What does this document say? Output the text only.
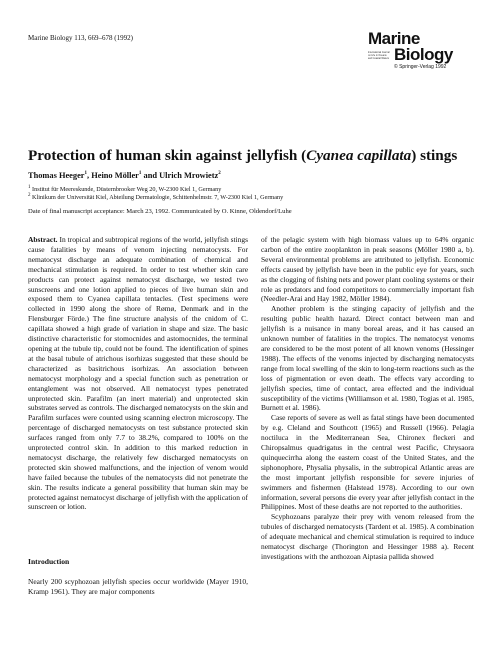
Marine Biology 113, 669–678 (1992)	Marine
International Journal on Life in Oceans and Coastal Waters Biology
© Springer-Verlag 1992
Protection of human skin against jellyfish (Cyanea capillata) stings
Thomas Heeger$^1$, Heino Möller$^1$ and Ulrich Mrowietz$^2$
$^1$ Institut für Meereskunde, Düsternbrooker Weg 20, W-2300 Kiel 1, Germany
$^2$ Klinikum der Universität Kiel, Abteilung Dermatologie, Schittenhelmstr. 7, W-2300 Kiel 1, Germany
Date of final manuscript acceptance: March 23, 1992. Communicated by O. Kinne, Oldendorf/Luhe

Abstract. In tropical and subtropical regions of the world, jellyfish stings cause fatalities by means of venom injecting nematocysts. For nematocyst discharge an adequate combination of chemical and mechanical stimulation is required. In order to test whether skin care products can protect against nematocyst discharge, we tested two sunscreens and one lotion applied to pieces of live human skin and exposed them to Cyanea capillata tentacles. (Test specimens were collected in 1990 along the shore of Rømø, Denmark and in the Flensburger Förde.) The fine structure analysis of the cnidom of C. capillata showed a high grade of variation in shape and size. The basic distinctive characteristic for stomocnides and astomocnides, the terminal opening at the tubule tip, could not be found. The identification of spines at the basal tubule of atrichous isorhizas suggested that these should be characterized as basitrichous isorhizas. An association between nematocyst morphology and a special function such as penetration or entanglement was not observed. All nematocyst types penetrated unprotected skin. Parafilm (an inert material) and unprotected skin substrates served as controls. The discharged nematocysts on the skin and Parafilm surfaces were counted using scanning electron microscopy. The percentage of discharged nematocysts on test substance protected skin surfaces ranged from only 7.7 to 38.2%, compared to 100% on the unprotected control skin. In addition to this marked reduction in nematocyst discharge, the relatively few discharged nematocysts on protected skin showed malfunctions, and the injection of venom would have failed because the tubules of the nematocysts did not penetrate the skin. The results indicate a general possibility that human skin may be protected against nematocyst discharge of jellyfish with the application of sunscreen or lotion.

Introduction
Nearly 200 scyphozoan jellyfish species occur worldwide (Mayer 1910, Kramp 1961). They are major components

of the pelagic system with high biomass values up to 64% organic carbon of the entire zooplankton in peak seasons (Möller 1980 a, b). Several environmental problems are attributed to jellyfish. Economic effects caused by jellyfish have been in the public eye for years, such as the clogging of fishing nets and power plant cooling systems or their role as predators and food competitors to commercially important fish (Needler-Arai and Hay 1982, Möller 1984).

Another problem is the stinging capacity of jellyfish and the resulting public health hazard. Direct contact between man and jellyfish is a nuisance in many boreal areas, and it has caused an unknown number of fatalities in the tropics. The nematocyst venoms are considered to be the most potent of all known venoms (Hessinger 1988). The effects of the venoms injected by discharging nematocysts range from local swelling of the skin to long-term reactions such as the loss of pigmentation or even death. The effects vary according to jellyfish species, time of contact, area effected and the individual susceptibility of the victims (Williamson et al. 1980, Togias et al. 1985, Burnett et al. 1986).

Case reports of severe as well as fatal stings have been documented by e.g. Cleland and Southcott (1965) and Russell (1966). Pelagia noctiluca in the Mediterranean Sea, Chironex fleckeri and Chiropsalmus quadrigatus in the central west Pacific, Chrysaora quinquecirrha along the eastern coast of the United States, and the siphonophore, Physalia physalis, in the subtropical Atlantic areas are the most important jellyfish responsible for severe injuries of swimmers and fishermen (Halstead 1978). According to our own information, several persons die every year after jellyfish contact in the Philippines. Most of these deaths are not reported to the authorities.

Scyphozoans paralyze their prey with venom released from the tubules of discharged nematocysts (Tardent et al. 1985). A combination of adequate mechanical and chemical stimulation is required to induce nematocyst discharge (Thorington and Hessinger 1988 a). Recent investigations with the anthozoan Aiptasia pallida showed
